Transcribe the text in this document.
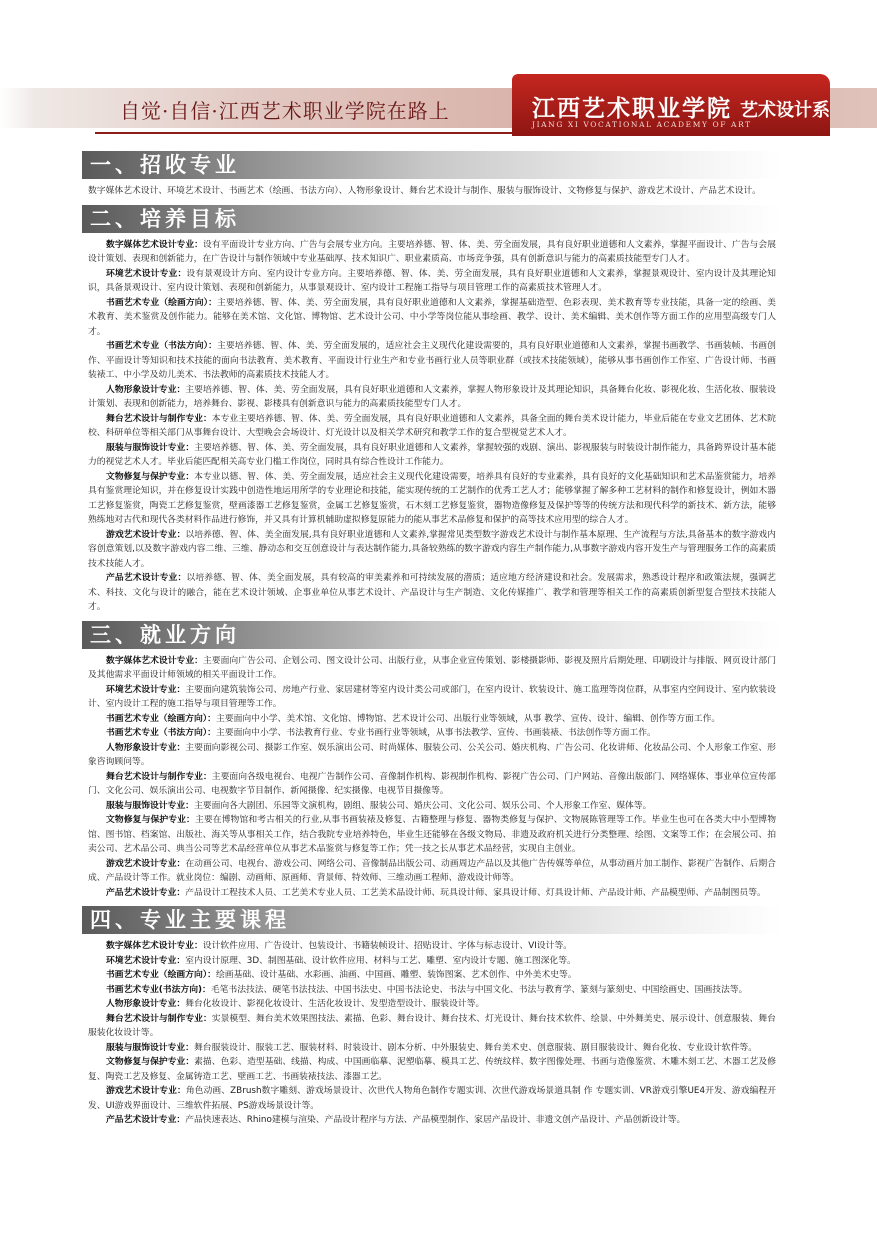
自觉·自信·江西艺术职业学院在路上	江西艺术职业学院
JIANG XI VOCATIONAL ACADEMY OF ART
艺术设计系
一、招收专业

数字媒体艺术设计、环境艺术设计、书画艺术（绘画、书法方向）、人物形象设计、舞台艺术设计与制作、服装与服饰设计、文物修复与保护、游戏艺术设计、产品艺术设计。

二、培养目标

数字媒体艺术设计专业：设有平面设计专业方向、广告与会展专业方向。主要培养德、智、体、美、劳全面发展，具有良好职业道德和人文素养，掌握平面设计、广告与会展设计策划、表现和创新能力，在广告设计与制作领域中专业基础厚、技术知识广、职业素质高、市场竞争强，具有创新意识与能力的高素质技能型专门人才。

环境艺术设计专业：设有景观设计方向、室内设计专业方向。主要培养德、智、体、美、劳全面发展，具有良好职业道德和人文素养，掌握景观设计、室内设计及其理论知识，具备景观设计、室内设计策划、表现和创新能力，从事景观设计、室内设计工程施工指导与项目管理工作的高素质技术管理人才。

书画艺术专业（绘画方向）：主要培养德、智、体、美、劳全面发展，具有良好职业道德和人文素养，掌握基础造型、色彩表现、美术教育等专业技能，具备一定的绘画、美术教育、美术鉴赏及创作能力。能够在美术馆、文化馆、博物馆、艺术设计公司、中小学等岗位能从事绘画、教学、设计、美术编辑、美术创作等方面工作的应用型高级专门人才。

书画艺术专业（书法方向）：主要培养德、智、体、美、劳全面发展的，适应社会主义现代化建设需要的，具有良好职业道德和人文素养，掌握书画教学、书画装帧、书画创作、平面设计等知识和技术技能的面向书法教育、美术教育、平面设计行业生产和专业书画行业人员等职业群（或技术技能领域），能够从事书画创作工作室、广告设计师、书画装裱工、中小学及幼儿美术、书法教师的高素质技术技能人才。

人物形象设计专业：主要培养德、智、体、美、劳全面发展，具有良好职业道德和人文素养，掌握人物形象设计及其理论知识，具备舞台化妆、影视化妆、生活化妆、服装设计策划、表现和创新能力，培养舞台、影视、影楼具有创新意识与能力的高素质技能型专门人才。

舞台艺术设计与制作专业：本专业主要培养德、智、体、美、劳全面发展，具有良好职业道德和人文素养，具备全面的舞台美术设计能力，毕业后能在专业文艺团体、艺术院校、科研单位等相关部门从事舞台设计、大型晚会会场设计、灯光设计以及相关学术研究和教学工作的复合型视觉艺术人才。

服装与服饰设计专业：主要培养德、智、体、美、劳全面发展，具有良好职业道德和人文素养，掌握较强的戏剧、演出、影视服装与时装设计制作能力，具备跨界设计基本能力的视觉艺术人才。毕业后能匹配相关高专业门槛工作岗位，同时具有综合性设计工作能力。

文物修复与保护专业：本专业以德、智、体、美、劳全面发展，适应社会主义现代化建设需要，培养具有良好的专业素养，具有良好的文化基础知识和艺术品鉴赏能力，培养具有鉴赏理论知识，并在修复设计实践中创造性地运用所学的专业理论和技能，能实现传统的工艺制作的优秀工艺人才；能够掌握了解多种工艺材料的制作和修复设计，例如木器工艺修复鉴赏，陶瓷工艺修复鉴赏，壁画漆器工艺修复鉴赏，金属工艺修复鉴赏，石木刻工艺修复鉴赏，器物造像修复及保护等等的传统方法和现代科学的新技术、新方法，能够熟练地对古代和现代各类材料作品进行修饰，并又具有计算机辅助虚拟修复原能力的能从事艺术品修复和保护的高等技术应用型的综合人才。

游戏艺术设计专业：以培养德、智、体、美全面发展,具有良好职业道德和人文素养,掌握常见类型数字游戏艺术设计与制作基本原理、生产流程与方法,具备基本的数字游戏内容创意策划,以及数字游戏内容二维、三维、静动态和交互创意设计与表达制作能力,具备较熟练的数字游戏内容生产制作能力,从事数字游戏内容开发生产与管理服务工作的高素质技术技能人才。

产品艺术设计专业：以培养德、智、体、美全面发展，具有较高的审美素养和可持续发展的潜质；适应地方经济建设和社会。发展需求，熟悉设计程序和政策法规，强调艺术、科技、文化与设计的融合，能在艺术设计领域、企事业单位从事艺术设计、产品设计与生产制造、文化传媒推广、教学和管理等相关工作的高素质创新型复合型技术技能人才。

三、就业方向

数字媒体艺术设计专业：主要面向广告公司、企划公司、图文设计公司、出版行业，从事企业宣传策划、影楼摄影师、影视及照片后期处理、印刷设计与排版、网页设计部门及其他需求平面设计师领域的相关平面设计工作。

环境艺术设计专业：主要面向建筑装饰公司、房地产行业、家居建材等室内设计类公司或部门，在室内设计、软装设计、施工监理等岗位群，从事室内空间设计、室内软装设计、室内设计工程的施工指导与项目管理等工作。

书画艺术专业（绘画方向）：主要面向中小学、美术馆、文化馆、博物馆、艺术设计公司、出版行业等领域，从事 教学、宣传、设计、编辑、创作等方面工作。

书画艺术专业（书法方向）：主要面向中小学、书法教育行业、专业书画行业等领域，从事书法教学、宣传、书画装裱、书法创作等方面工作。

人物形象设计专业：主要面向影视公司、摄影工作室、娱乐演出公司、时尚媒体、服装公司、公关公司、婚庆机构、广告公司、化妆讲师、化妆品公司、个人形象工作室、形象咨询顾问等。

舞台艺术设计与制作专业：主要面向各级电视台、电视广告制作公司、音像制作机构、影视制作机构、影视广告公司、门户网站、音像出版部门、网络媒体、事业单位宣传部门、文化公司、娱乐演出公司、电视数字节目制作、新闻摄像、纪实摄像、电视节目摄像等。

服装与服饰设计专业：主要面向各大剧团、乐园等文演机构，剧组、服装公司、婚庆公司、文化公司、娱乐公司、个人形象工作室、媒体等。

文物修复与保护专业：主要在博物馆和考古相关的行业,从事书画装裱及修复、古籍整理与修复、器物类修复与保护、文物展陈管理等工作。毕业生也可在各类大中小型博物馆、图书馆、档案馆、出版社、海关等从事相关工作，结合我院专业培养特色，毕业生还能够在各级文物局、非遗及政府机关进行分类整理、绘图、文案等工作；在会展公司、拍卖公司、艺术品公司、典当公司等艺术品经营单位从事艺术品鉴赏与修复等工作；凭一技之长从事艺术品经营，实现自主创业。

游戏艺术设计专业：在动画公司、电视台、游戏公司、网络公司、音像制品出版公司、动画周边产品以及其他广告传媒等单位，从事动画片加工制作、影视广告制作、后期合成、产品设计等工作。就业岗位：编剧、动画师、原画师、背景师、特效师、三维动画工程师、游戏设计师等。

产品艺术设计专业：产品设计工程技术人员、工艺美术专业人员、工艺美术品设计师、玩具设计师、家具设计师、灯具设计师、产品设计师、产品模型师、产品制图员等。

四、专业主要课程

数字媒体艺术设计专业：设计软件应用、广告设计、包装设计、书籍装帧设计、招贴设计、字体与标志设计、VI设计等。

环境艺术设计专业：室内设计原理、3D、制图基础、设计软件应用、材料与工艺、雕塑、室内设计专题、施工图深化等。

书画艺术专业（绘画方向）：绘画基础、设计基础、水彩画、油画、中国画、雕塑、装饰图案、艺术创作、中外美术史等。

书画艺术专业(书法方向)：毛笔书法技法、硬笔书法技法、中国书法史、中国书法论史、书法与中国文化、书法与教育学、篆刻与篆刻史、中国绘画史、国画技法等。

人物形象设计专业：舞台化妆设计、影视化妆设计、生活化妆设计、发型造型设计、服装设计等。

舞台艺术设计与制作专业：实景模型、舞台美术效果图技法、素描、色彩、舞台设计、舞台技术、灯光设计、舞台技术软件、绘景、中外舞美史、展示设计、创意服装、舞台服装化妆设计等。

服装与服饰设计专业：舞台服装设计、服装工艺、服装材料、时装设计、剧本分析、中外服装史、舞台美术史、创意服装、剧目服装设计、舞台化妆、专业设计软件等。

文物修复与保护专业：素描、色彩、造型基础、线描、构成、中国画临摹、泥塑临摹、模具工艺、传统纹样、数字图像处理、书画与造像鉴赏、木雕木刻工艺、木器工艺及修复、陶瓷工艺及修复、金属铸造工艺、壁画工艺、书画装裱技法、漆器工艺。

游戏艺术设计专业：角色动画、ZBrush数字雕刻、游戏场景设计、次世代人物角色制作专题实训、次世代游戏场景道具制 作 专题实训、VR游戏引擎UE4开发、游戏编程开发、UI游戏界面设计、三维软件拓展、PS游戏场景设计等。

产品艺术设计专业：产品快速表达、Rhino建模与渲染、产品设计程序与方法、产品模型制作、家居产品设计、非遗文创产品设计、产品创新设计等。
